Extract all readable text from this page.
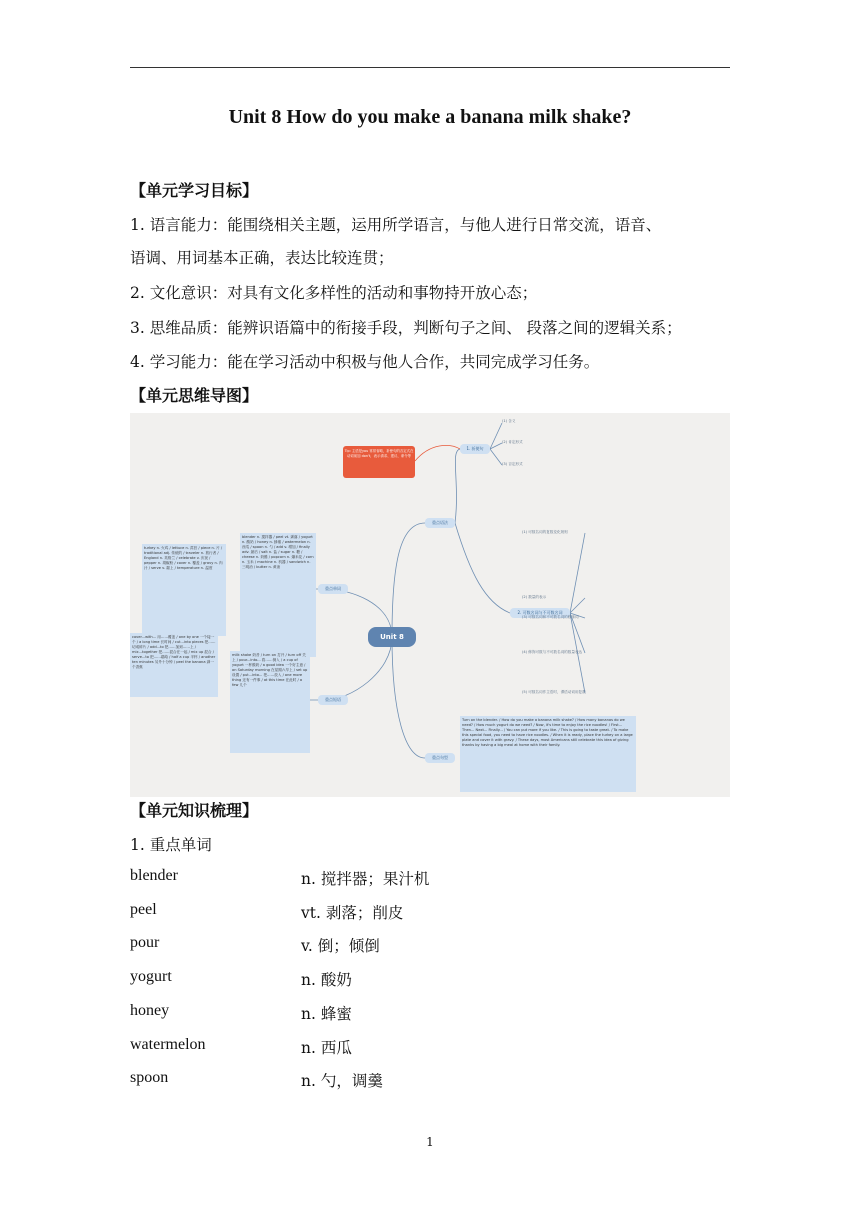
Unit 8 How do you make a banana milk shake?
【单元学习目标】
1. 语言能力：能围绕相关主题，运用所学语言，与他人进行日常交流，语音、
语调、用词基本正确，表达比较连贯；
2. 文化意识：对具有文化多样性的活动和事物持开放心态；
3. 思维品质：能辨识语篇中的衔接手段，判断句子之间、 段落之间的逻辑关系；
4. 学习能力：能在学习活动中积极与他人合作，共同完成学习任务。
【单元思维导图】
Unit 8
Tip: 主语是you 常常省略，祈使句的否定式在动词前加 don't，表示请求、建议、命令等
重点语法
重点单词
重点短语
重点句型
1. 祈使句
2. 可数名词与不可数名词
(1) 含义
(2) 肯定形式
(3) 否定形式
(1) 可数名词的复数变化规则
(2) 数量的表示
(3) 可数名词和不可数名词的修饰词
(4) 修饰可数与不可数名词的数量表达
(5) 可数名词作主语时，谓语动词用复数
turkey n. 火鸡 / lettuce n. 莴苣 / piece n. 片 / traditional adj. 传统的 / traveler n. 旅行者 / England n. 英格兰 / celebrate v. 庆祝 / pepper n. 胡椒粉 / cover n. 覆盖 / gravy n. 肉汁 / serve v. 端上 / temperature n. 温度
blender n. 搅拌器 / peel vt. 剥落 / yogurt n. 酸奶 / honey n. 蜂蜜 / watermelon n. 西瓜 / spoon n. 勺 / add v. 增加 / finally adv. 最后 / salt n. 盐 / sugar n. 糖 / cheese n. 奶酪 / popcorn n. 爆米花 / corn n. 玉米 / machine n. 机器 / sandwich n. 三明治 / butter n. 黄油
cover...with... 用……覆盖 / one by one 一个接一个 / a long time 长时间 / cut...into pieces 把……切成碎片 / add...to 把……加到……上 / mix...together 把……混合在一起 / mix up 混合 / serve...to 把……端给 / half a cup 半杯 / another ten minutes 另外十分钟 / peel the banana 剥一个香蕉
milk shake 奶昔 / turn on 打开 / turn off 关上 / pour...into... 将……倒入 / a cup of yogurt 一杯酸奶 / a good idea 一个好主意 / on Saturday morning 在星期六早上 / set up 设置 / put...into... 把……放入 / one more thing 还有一件事 / at this time 在此时 / a few 几个
Turn on the blender. / How do you make a banana milk shake? / How many bananas do we need? / How much yogurt do we need? / Now, it's time to enjoy the rice noodles! / First... Then... Next... Finally... / You can put more if you like. / This is going to taste great. / To make this special food, you need to have rice noodles. / When it is ready, place the turkey on a large plate and cover it with gravy. / These days, most Americans still celebrate this idea of giving thanks by having a big meal at home with their family.
【单元知识梳理】
1. 重点单词
blender	n. 搅拌器；果汁机
peel	vt. 剥落；削皮
pour	v. 倒；倾倒
yogurt	n. 酸奶
honey	n. 蜂蜜
watermelon	n. 西瓜
spoon	n. 勺，调羹
1
